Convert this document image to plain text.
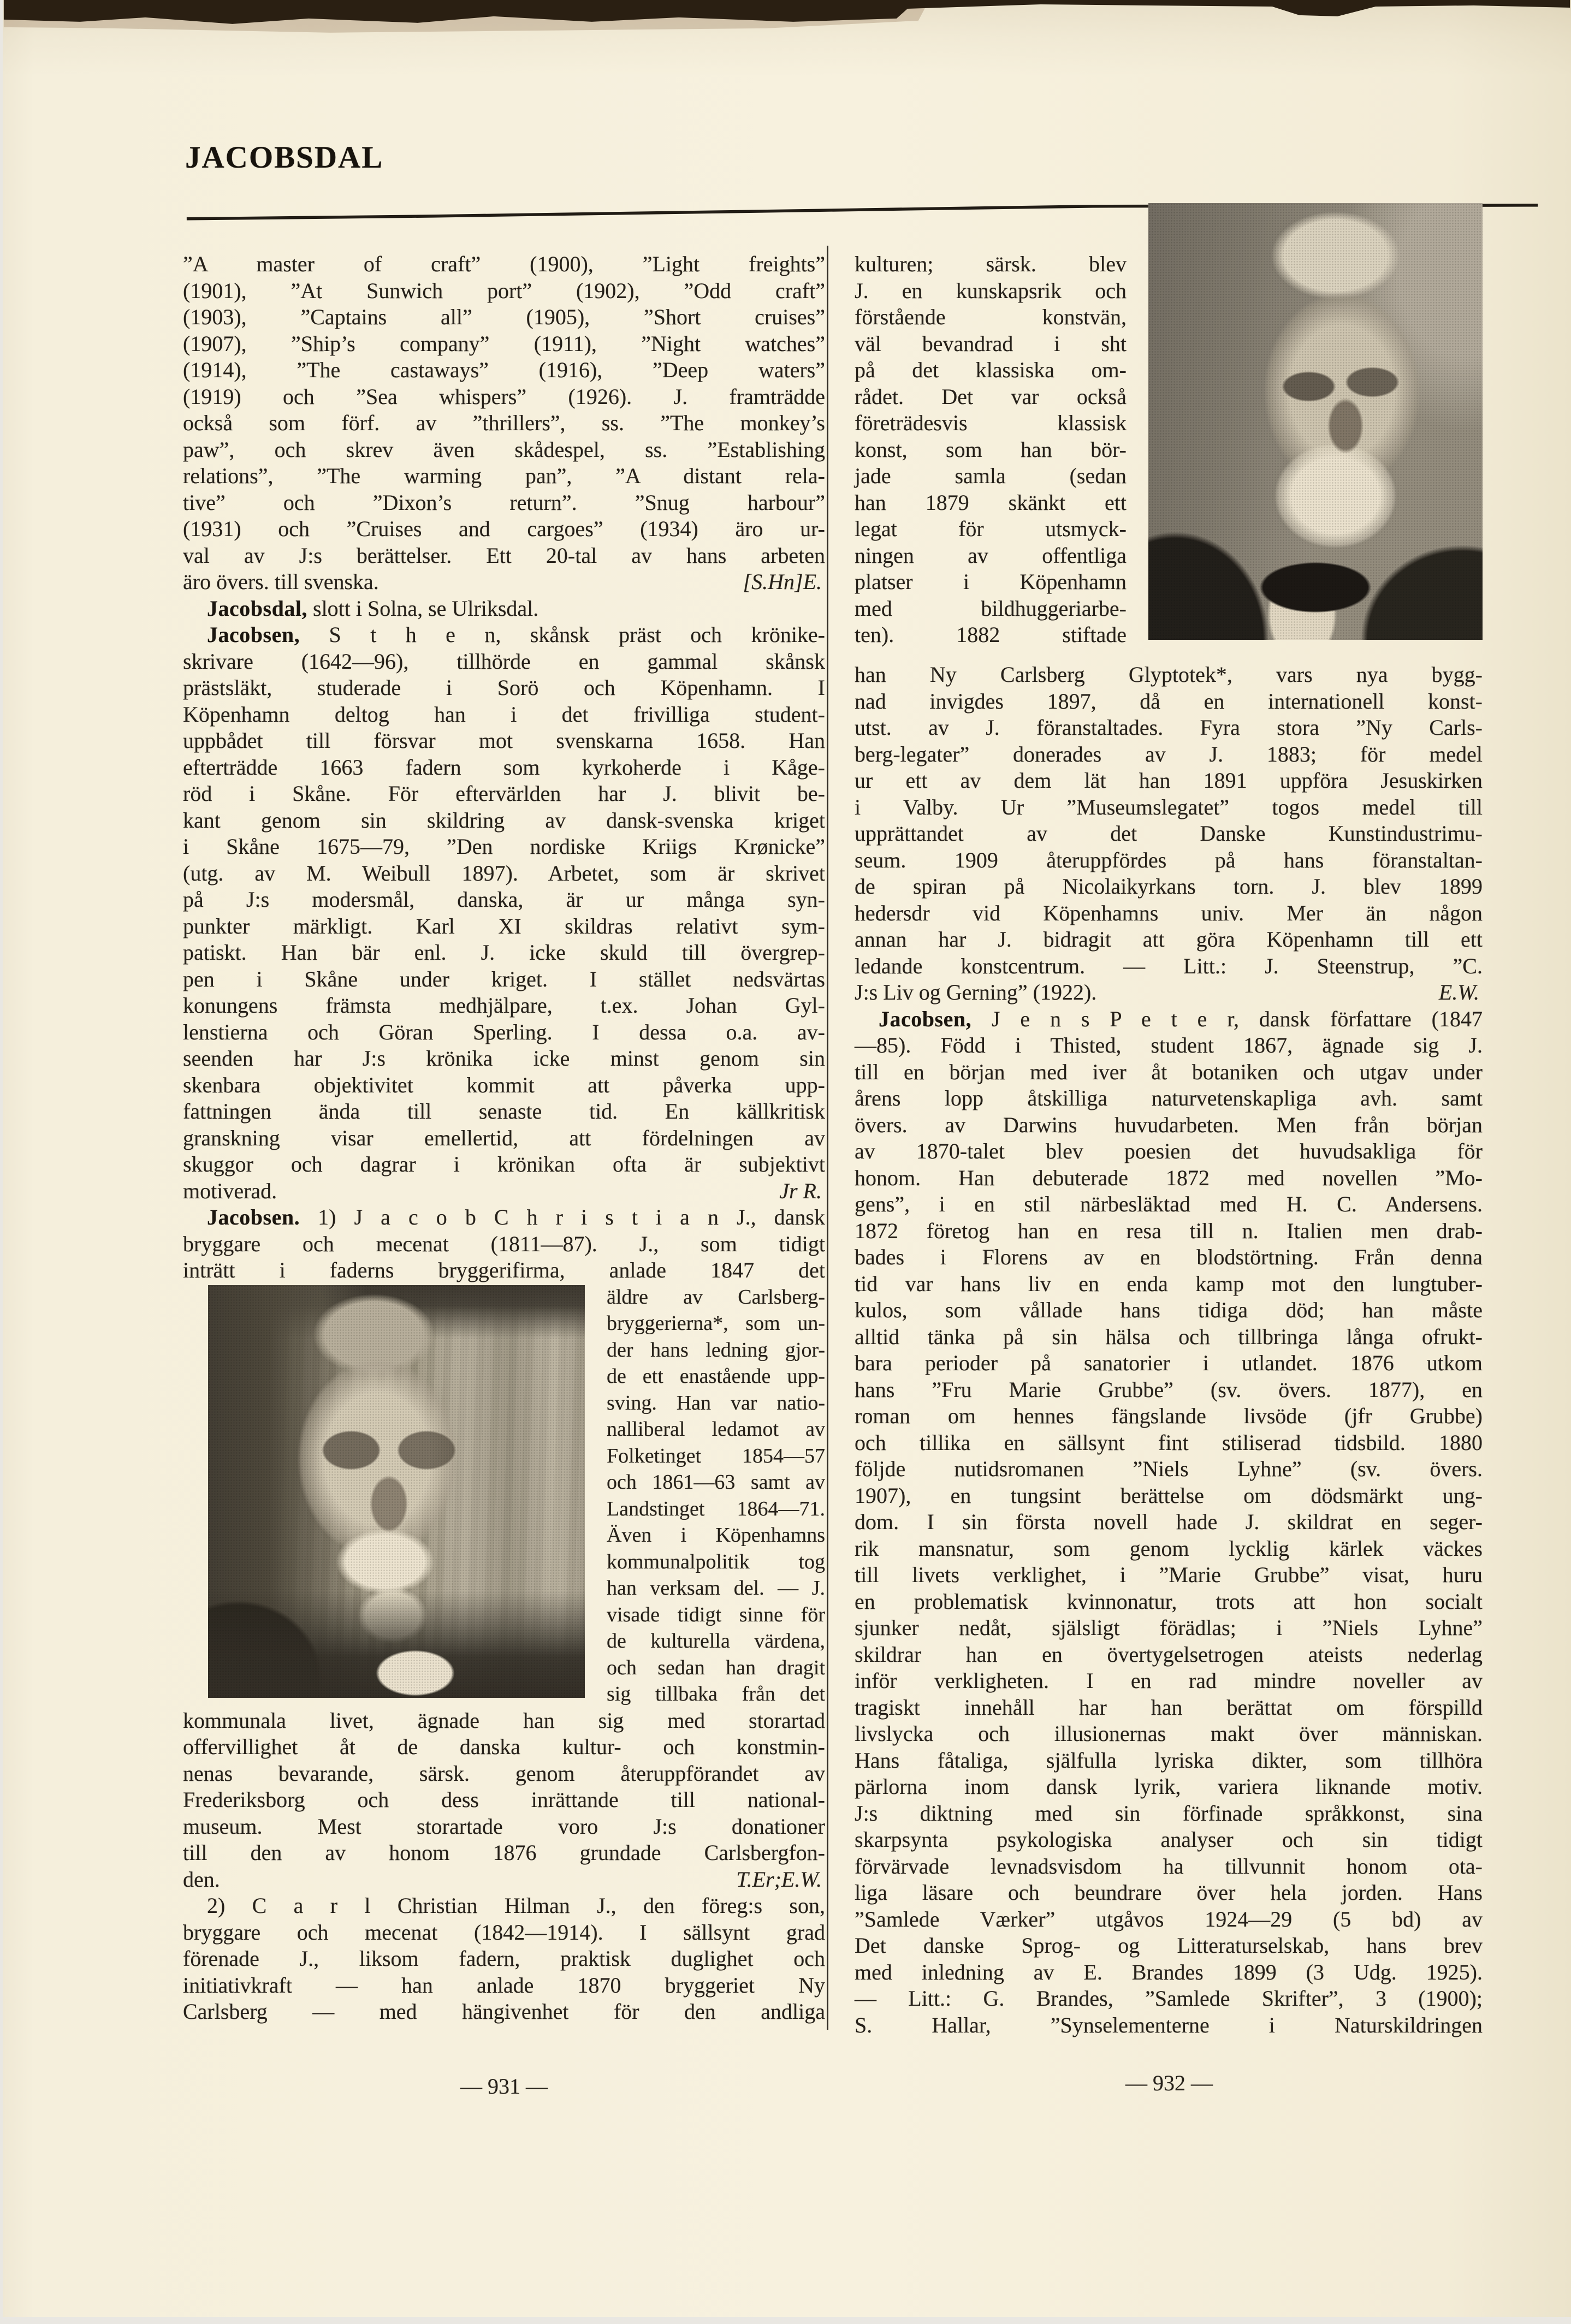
JACOBSDAL
”A master of craft” (1900), ”Light freights”
(1901), ”At Sunwich port” (1902), ”Odd craft”
(1903), ”Captains all” (1905), ”Short cruises”
(1907), ”Ship’s company” (1911), ”Night watches”
(1914), ”The castaways” (1916), ”Deep waters”
(1919) och ”Sea whispers” (1926). J. framträdde
också som förf. av ”thrillers”, ss. ”The monkey’s
paw”, och skrev även skådespel, ss. ”Establishing
relations”, ”The warming pan”, ”A distant rela-
tive” och ”Dixon’s return”. ”Snug harbour”
(1931) och ”Cruises and cargoes” (1934) äro ur-
val av J:s berättelser. Ett 20-tal av hans arbeten
äro övers. till svenska.	[S.Hn]E.
Jacobsdal, slott i Solna, se Ulriksdal.
Jacobsen, S t h e n, skånsk präst och krönike-
skrivare (1642—96), tillhörde en gammal skånsk
prästsläkt, studerade i Sorö och Köpenhamn. I
Köpenhamn deltog han i det frivilliga student-
uppbådet till försvar mot svenskarna 1658. Han
efterträdde 1663 fadern som kyrkoherde i Kåge-
röd i Skåne. För eftervärlden har J. blivit be-
kant genom sin skildring av dansk-svenska kriget
i Skåne 1675—79, ”Den nordiske Kriigs Krønicke”
(utg. av M. Weibull 1897). Arbetet, som är skrivet
på J:s modersmål, danska, är ur många syn-
punkter märkligt. Karl XI skildras relativt sym-
patiskt. Han bär enl. J. icke skuld till övergrep-
pen i Skåne under kriget. I stället nedsvärtas
konungens främsta medhjälpare, t.ex. Johan Gyl-
lenstierna och Göran Sperling. I dessa o.a. av-
seenden har J:s krönika icke minst genom sin
skenbara objektivitet kommit att påverka upp-
fattningen ända till senaste tid. En källkritisk
granskning visar emellertid, att fördelningen av
skuggor och dagrar i krönikan ofta är subjektivt
motiverad.	Jr R.
Jacobsen. 1) J a c o b C h r i s t i a n J., dansk
bryggare och mecenat (1811—87). J., som tidigt
inträtt i faderns bryggerifirma, anlade 1847 det
äldre av Carlsberg-
bryggerierna*, som un-
der hans ledning gjor-
de ett enastående upp-
sving. Han var natio-
nalliberal ledamot av
Folketinget 1854—57
och 1861—63 samt av
Landstinget 1864—71.
Även i Köpenhamns
kommunalpolitik tog
han verksam del. — J.
visade tidigt sinne för
de kulturella värdena,
och sedan han dragit
sig tillbaka från det
kommunala livet, ägnade han sig med storartad
offervillighet åt de danska kultur- och konstmin-
nenas bevarande, särsk. genom återuppförandet av
Frederiksborg och dess inrättande till national-
museum. Mest storartade voro J:s donationer
till den av honom 1876 grundade Carlsbergfon-
den.	T.Er;E.W.
2) C a r l Christian Hilman J., den föreg:s son,
bryggare och mecenat (1842—1914). I sällsynt grad
förenade J., liksom fadern, praktisk duglighet och
initiativkraft — han anlade 1870 bryggeriet Ny
Carlsberg — med hängivenhet för den andliga
kulturen; särsk. blev
J. en kunskapsrik och
förstående konstvän,
väl bevandrad i sht
på det klassiska om-
rådet. Det var också
företrädesvis klassisk
konst, som han bör-
jade samla (sedan
han 1879 skänkt ett
legat för utsmyck-
ningen av offentliga
platser i Köpenhamn
med bildhuggeriarbe-
ten). 1882 stiftade
han Ny Carlsberg Glyptotek*, vars nya bygg-
nad invigdes 1897, då en internationell konst-
utst. av J. föranstaltades. Fyra stora ”Ny Carls-
berg-legater” donerades av J. 1883; för medel
ur ett av dem lät han 1891 uppföra Jesuskirken
i Valby. Ur ”Museumslegatet” togos medel till
upprättandet av det Danske Kunstindustrimu-
seum. 1909 återuppfördes på hans föranstaltan-
de spiran på Nicolaikyrkans torn. J. blev 1899
hedersdr vid Köpenhamns univ. Mer än någon
annan har J. bidragit att göra Köpenhamn till ett
ledande konstcentrum. — Litt.: J. Steenstrup, ”C.
J:s Liv og Gerning” (1922).	E.W.
Jacobsen, J e n s P e t e r, dansk författare (1847
—85). Född i Thisted, student 1867, ägnade sig J.
till en början med iver åt botaniken och utgav under
årens lopp åtskilliga naturvetenskapliga avh. samt
övers. av Darwins huvudarbeten. Men från början
av 1870-talet blev poesien det huvudsakliga för
honom. Han debuterade 1872 med novellen ”Mo-
gens”, i en stil närbesläktad med H. C. Andersens.
1872 företog han en resa till n. Italien men drab-
bades i Florens av en blodstörtning. Från denna
tid var hans liv en enda kamp mot den lungtuber-
kulos, som vållade hans tidiga död; han måste
alltid tänka på sin hälsa och tillbringa långa ofrukt-
bara perioder på sanatorier i utlandet. 1876 utkom
hans ”Fru Marie Grubbe” (sv. övers. 1877), en
roman om hennes fängslande livsöde (jfr Grubbe)
och tillika en sällsynt fint stiliserad tidsbild. 1880
följde nutidsromanen ”Niels Lyhne” (sv. övers.
1907), en tungsint berättelse om dödsmärkt ung-
dom. I sin första novell hade J. skildrat en seger-
rik mansnatur, som genom lycklig kärlek väckes
till livets verklighet, i ”Marie Grubbe” visat, huru
en problematisk kvinnonatur, trots att hon socialt
sjunker nedåt, själsligt förädlas; i ”Niels Lyhne”
skildrar han en övertygelsetrogen ateists nederlag
inför verkligheten. I en rad mindre noveller av
tragiskt innehåll har han berättat om förspilld
livslycka och illusionernas makt över människan.
Hans fåtaliga, själfulla lyriska dikter, som tillhöra
pärlorna inom dansk lyrik, variera liknande motiv.
J:s diktning med sin förfinade språkkonst, sina
skarpsynta psykologiska analyser och sin tidigt
förvärvade levnadsvisdom ha tillvunnit honom ota-
liga läsare och beundrare över hela jorden. Hans
”Samlede Værker” utgåvos 1924—29 (5 bd) av
Det danske Sprog- og Litteraturselskab, hans brev
med inledning av E. Brandes 1899 (3 Udg. 1925).
— Litt.: G. Brandes, ”Samlede Skrifter”, 3 (1900);
S. Hallar, ”Synselementerne i Naturskildringen
— 931 —	— 932 —
